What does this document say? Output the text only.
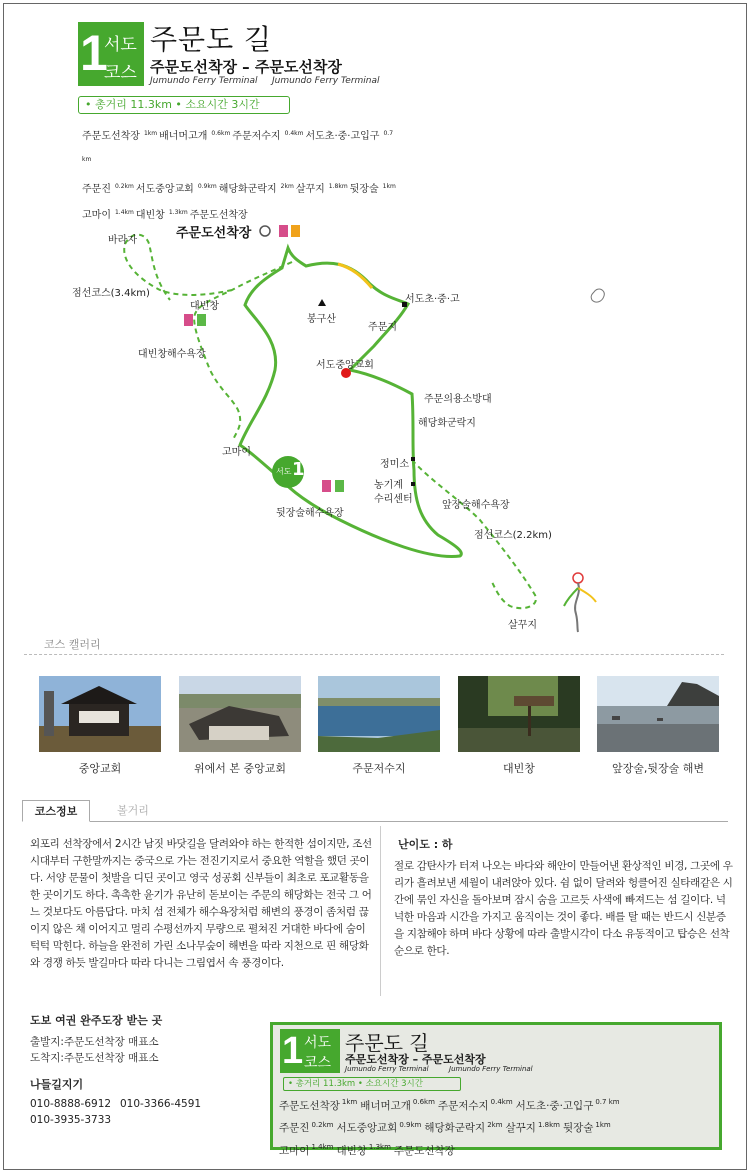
1
서도
코스
주문도 길
주문도선착장 – 주문도선착장
Jumundo Ferry Terminal Jumundo Ferry Terminal
• 총거리 11.3km • 소요시간 3시간
주문도선착장 $^{1km}$ 배너머고개 $^{0.6km}$ 주문저수지 $^{0.4km}$ 서도초·중·고입구 $^{0.7 km}$
주문진 $^{0.2km}$ 서도중앙교회 $^{0.9km}$ 해당화군락지 $^{2km}$ 살꾸지 $^{1.8km}$ 뒷장술 $^{1km}$
고마이 $^{1.4km}$ 대빈창 $^{1.3km}$ 주문도선착장
주문도선착장
바라자
점선코스(3.4km)
대빈창
대빈창해수욕장
봉구산
서도초·중·고
주문지
서도중앙교회
주문의용소방대
해당화군락지
고마이
정미소
농기계
수리센터
앞장술해수욕장
점선코스(2.2km)
뒷장술해수욕장
살꾸지
서도 1
코스 캘러리
중앙교회	위에서 본 중앙교회	주문저수지	대빈창	앞장술,뒷장술 해변
코스정보	볼거리
외포리 선착장에서 2시간 남짓 바닷길을 달려와야 하는 한적한 섬이지만, 조선시대부터 구한말까지는 중국으로 가는 전진기지로서 중요한 역할을 했던 곳이다. 서양 문물이 첫발을 디딘 곳이고 영국 성공회 신부들이 최초로 포교활동을 한 곳이기도 하다. 촉촉한 윤기가 유난히 돋보이는 주문의 해당화는 전국 그 어느 것보다도 아름답다. 마치 섬 전체가 해수욕장처럼 해변의 풍경이 좀처럼 끊이지 않은 채 이어지고 멀리 수평선까지 무량으로 펼쳐진 거대한 바다에 숨이 턱턱 막힌다. 하늘을 완전히 가린 소나무숲이 해변을 따라 지천으로 핀 해당화와 경쟁 하듯 발길마다 따라 다니는 그림엽서 속 풍경이다.
난이도 : 하
절로 감탄사가 터져 나오는 바다와 해안이 만들어낸 환상적인 비경, 그곳에 우리가 흘려보낸 세월이 내려앉아 있다. 쉼 없이 달려와 헝클어진 실타래같은 시간에 묶인 자신을 돌아보며 잠시 숨을 고르듯 사색에 빠져드는 섬 길이다. 넉넉한 마음과 시간을 가지고 움직이는 것이 좋다. 배를 탈 때는 반드시 신분증을 지참해야 하며 바다 상황에 따라 출발시각이 다소 유동적이고 탑승은 선착순으로 한다.
도보 여권 완주도장 받는 곳
출발지:주문도선착장 매표소
도착지:주문도선착장 매표소
나들길지기
010-8888-6912 010-3366-4591
010-3935-3733
1 서도
코스
주문도 길
주문도선착장 – 주문도선착장
Jumundo Ferry Terminal	Jumundo Ferry Terminal
• 총거리 11.3km • 소요시간 3시간
주문도선착장 $^{1km}$ 배너머고개 $^{0.6km}$ 주문저수지 $^{0.4km}$ 서도초·중·고입구 $^{0.7 km}$
주문진 $^{0.2km}$ 서도중앙교회 $^{0.9km}$ 해당화군락지 $^{2km}$ 살꾸지 $^{1.8km}$ 뒷장술 $^{1km}$
고마이 $^{1.4km}$ 대빈창 $^{1.3km}$ 주문도선착장
